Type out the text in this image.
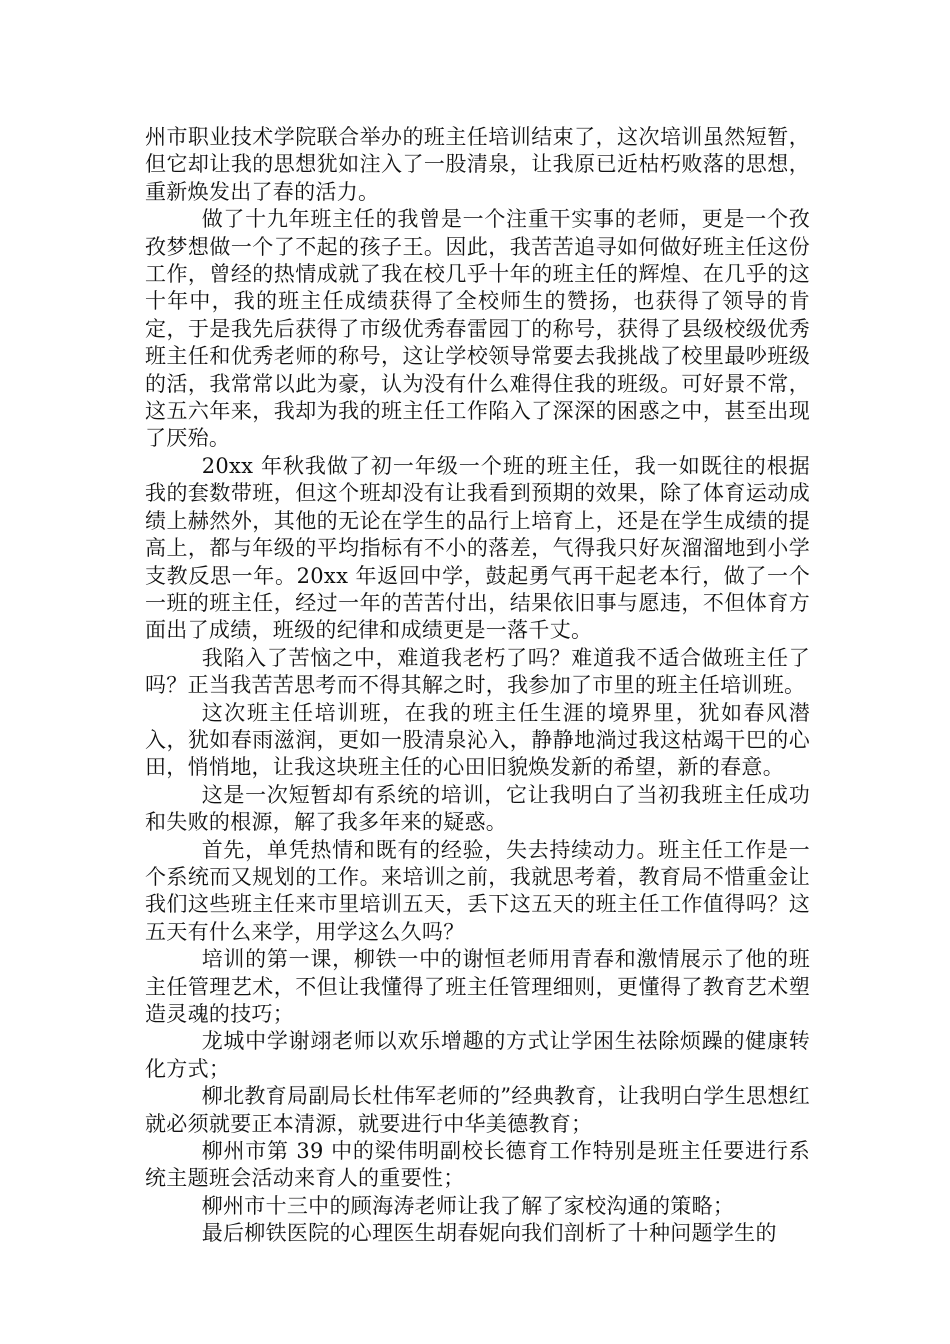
州市职业技术学院联合举办的班主任培训结束了，这次培训虽然短暂，但它却让我的思想犹如注入了一股清泉，让我原已近枯朽败落的思想，重新焕发出了春的活力。

做了十九年班主任的我曾是一个注重干实事的老师，更是一个孜孜梦想做一个了不起的孩子王。因此，我苦苦追寻如何做好班主任这份工作，曾经的热情成就了我在校几乎十年的班主任的辉煌、在几乎的这十年中，我的班主任成绩获得了全校师生的赞扬，也获得了领导的肯定，于是我先后获得了市级优秀春雷园丁的称号，获得了县级校级优秀班主任和优秀老师的称号，这让学校领导常要去我挑战了校里最吵班级的活，我常常以此为豪，认为没有什么难得住我的班级。可好景不常，这五六年来，我却为我的班主任工作陷入了深深的困惑之中，甚至出现了厌殆。

20xx 年秋我做了初一年级一个班的班主任，我一如既往的根据我的套数带班，但这个班却没有让我看到预期的效果，除了体育运动成绩上赫然外，其他的无论在学生的品行上培育上，还是在学生成绩的提高上，都与年级的平均指标有不小的落差，气得我只好灰溜溜地到小学支教反思一年。20xx 年返回中学，鼓起勇气再干起老本行，做了一个一班的班主任，经过一年的苦苦付出，结果依旧事与愿违，不但体育方面出了成绩，班级的纪律和成绩更是一落千丈。

我陷入了苦恼之中，难道我老朽了吗？难道我不适合做班主任了吗？正当我苦苦思考而不得其解之时，我参加了市里的班主任培训班。

这次班主任培训班，在我的班主任生涯的境界里，犹如春风潜入，犹如春雨滋润，更如一股清泉沁入，静静地淌过我这枯竭干巴的心田，悄悄地，让我这块班主任的心田旧貌焕发新的希望，新的春意。

这是一次短暂却有系统的培训，它让我明白了当初我班主任成功和失败的根源，解了我多年来的疑惑。

首先，单凭热情和既有的经验，失去持续动力。班主任工作是一个系统而又规划的工作。来培训之前，我就思考着，教育局不惜重金让我们这些班主任来市里培训五天，丢下这五天的班主任工作值得吗？这五天有什么来学，用学这么久吗？

培训的第一课，柳铁一中的谢恒老师用青春和激情展示了他的班主任管理艺术，不但让我懂得了班主任管理细则，更懂得了教育艺术塑造灵魂的技巧；

龙城中学谢翊老师以欢乐增趣的方式让学困生祛除烦躁的健康转化方式；

柳北教育局副局长杜伟军老师的”经典教育，让我明白学生思想红就必须就要正本清源，就要进行中华美德教育；

柳州市第 39 中的梁伟明副校长德育工作特别是班主任要进行系统主题班会活动来育人的重要性；

柳州市十三中的顾海涛老师让我了解了家校沟通的策略；

最后柳铁医院的心理医生胡春妮向我们剖析了十种问题学生的
